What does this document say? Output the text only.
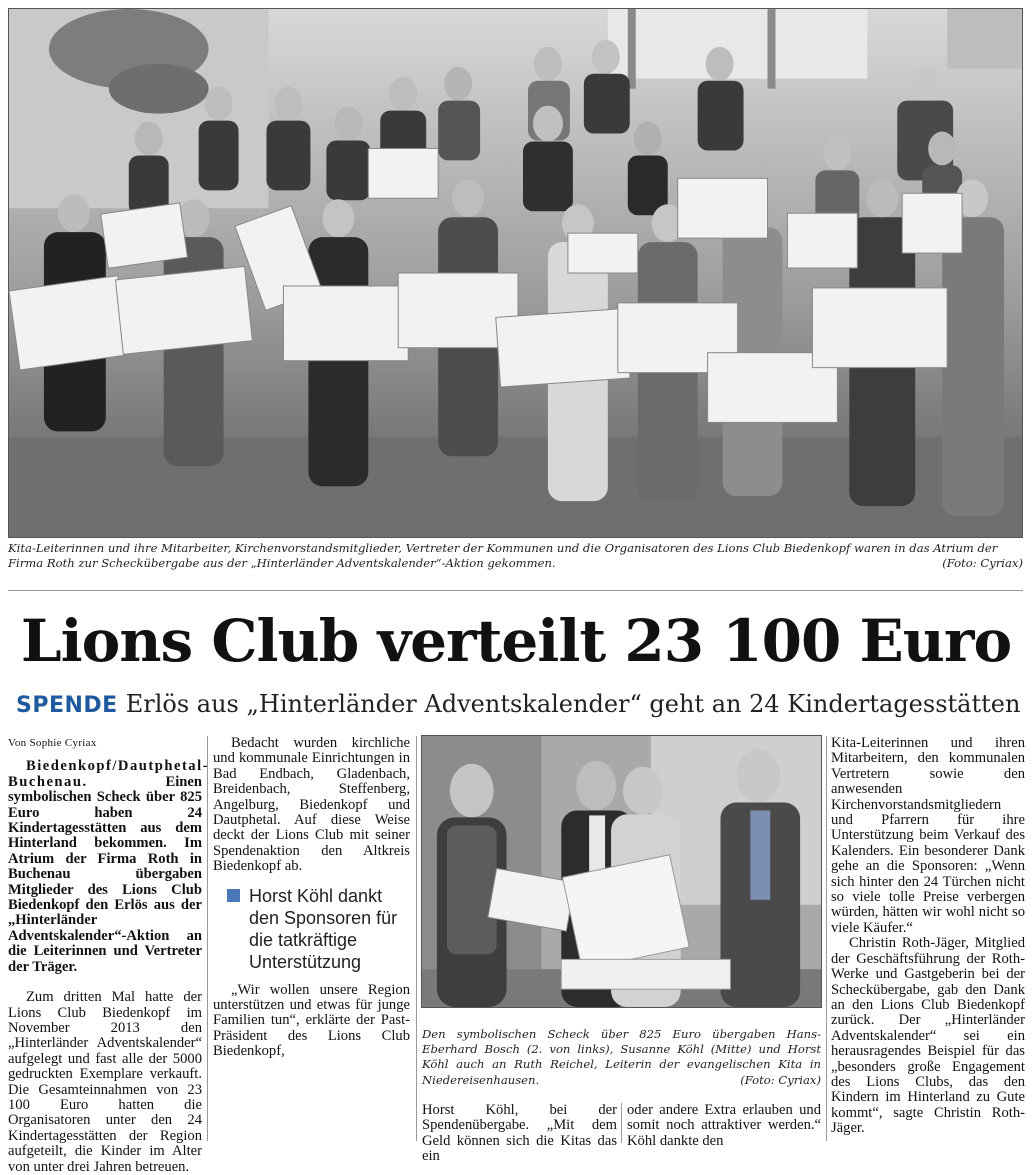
Kita-Leiterinnen und ihre Mitarbeiter, Kirchenvorstandsmitglieder, Vertreter der Kommunen und die Organisatoren des Lions Club Biedenkopf waren in das Atrium der Firma Roth zur Scheckübergabe aus der „Hinterländer Adventskalender“-Aktion gekommen.	(Foto: Cyriax)
Lions Club verteilt 23 100 Euro
SPENDE Erlös aus „Hinterländer Adventskalender“ geht an 24 Kindertagesstätten
Von Sophie Cyriax

Biedenkopf/Dautphetal-Buchenau.	Einen symbolischen Scheck über 825 Euro haben 24 Kindertagesstätten aus dem Hinterland bekommen. Im Atrium der Firma Roth in Buchenau übergaben Mitglieder des Lions Club Biedenkopf den Erlös aus der „Hinterländer Adventskalender“-Aktion an die Leiterinnen und Vertreter der Träger.

Zum dritten Mal hatte der Lions Club Biedenkopf im November 2013 den „Hinterländer Adventskalender“ aufgelegt und fast alle der 5000 gedruckten Exemplare verkauft. Die Gesamteinnahmen von 23 100 Euro hatten die Organisatoren unter den 24 Kindertagesstätten der Region aufgeteilt, die Kinder im Alter von unter drei Jahren betreuen.

Bedacht wurden kirchliche und kommunale Einrichtungen in Bad Endbach, Gladenbach, Breidenbach, Steffenberg, Angelburg, Biedenkopf und Dautphetal. Auf diese Weise deckt der Lions Club mit seiner Spendenaktion den Altkreis Biedenkopf ab.

Horst Köhl dankt den Sponsoren für die tatkräftige Unterstützung

„Wir wollen unsere Region unterstützen und etwas für junge Familien tun“, erklärte der Past-Präsident des Lions Club Biedenkopf,

Den symbolischen Scheck über 825 Euro übergaben Hans-Eberhard Bosch (2. von links), Susanne Köhl (Mitte) und Horst Köhl auch an Ruth Reichel, Leiterin der evangelischen Kita in Niedereisenhausen.	(Foto: Cyriax)

Horst Köhl, bei der Spendenübergabe. „Mit dem Geld können sich die Kitas das ein

oder andere Extra erlauben und somit noch attraktiver werden.“ Köhl dankte den

Kita-Leiterinnen und ihren Mitarbeitern, den kommunalen Vertretern sowie den anwesenden Kirchenvorstandsmitgliedern und Pfarrern für ihre Unterstützung beim Verkauf des Kalenders. Ein besonderer Dank gehe an die Sponsoren: „Wenn sich hinter den 24 Türchen nicht so viele tolle Preise verbergen würden, hätten wir wohl nicht so viele Käufer.“

Christin Roth-Jäger, Mitglied der Geschäftsführung der Roth-Werke und Gastgeberin bei der Scheckübergabe, gab den Dank an den Lions Club Biedenkopf zurück. Der „Hinterländer Adventskalender“ sei ein herausragendes Beispiel für das „besonders große Engagement des Lions Clubs, das den Kindern im Hinterland zu Gute kommt“, sagte Christin Roth-Jäger.
